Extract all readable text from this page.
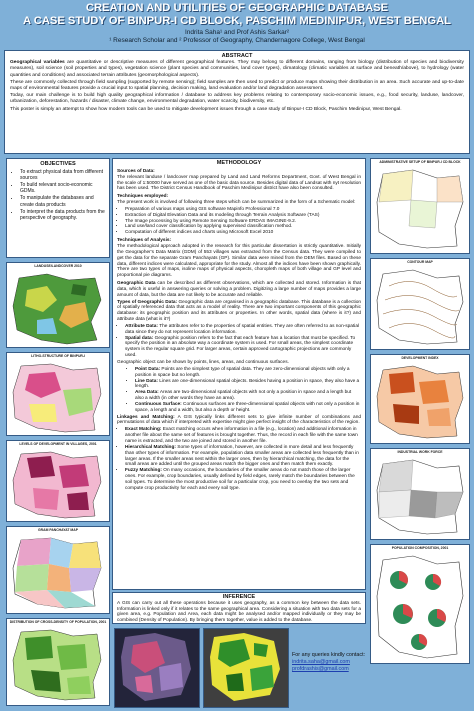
CREATION AND UTILITIES OF GEOGRAPHIC DATABASE
A CASE STUDY OF BINPUR-I CD BLOCK, PASCHIM MEDINIPUR, WEST BENGAL
Indrita Saha¹ and Prof Ashis Sarkar²
¹ Research Scholar and ² Professor of Geography, Chandernagore College, West Bengal
ABSTRACT

Geographical variables are quantitative or descriptive measures of different geographical features. They may belong to different domains, ranging from biology (distribution of species and biodiversity measures), soil science (soil properties and types), vegetation science (plant species and communities, land cover types), climatology (climatic variables at surface and beneath/above), to hydrology (water quantities and conditions) and associated terrain attributes (geomorphological aspects).

These are commonly collected through field sampling (supported by remote sensing); field samples are then used to predict or produce maps showing their distribution in an area. Such accurate and up-to-date maps of environmental features provide a crucial input to spatial planning, decision making, land evaluation and/or land degradation assessment.

Today, our main challenge is to build high quality geographical information / database to address key problems relating to contemporary socio-economic issues, e.g., food security, landuse, landcover, urbanization, deforestation, hazards / disaster, climate change, environmental degradation, water scarcity, biodiversity, etc.

This poster is simply an attempt to show how modern tools can be used to mitigate development issues through a case study of Binpur-I CD Block, Paschim Medinipur, West Bengal.

OBJECTIVES
• To extract physical data from different sources
• To build relevant socio-economic GDMs.
• To manipulate the databases and create data products
• To interpret the data products from the perspective of geography.
LANDUSE/LANDCOVER 2010
LITHO-STRUCTURE OF BINPUR-I
LEVELS OF DEVELOPMENT IN VILLAGES, 2001
GRAM PANCHAYAT MAP
DISTRIBUTION OF CROSS-DENSITY OF POPULATION, 2001
METHODOLOGY
Sources of Data:

The relevant landuse / landcover map prepared by Land and Land Reforms Department, Govt. of West Bengal in the scale of 1:50000 have served as one of the basic data source. Besides digital data of Landsat with nyt resolution has been used. The District Census Handbook of Paschim Medinipur district have also been consulted.

Techniques employed:

The present work is involved of following three steps which can be summarized in the form of a Schematic model:

• Preparation of various maps using GIS software Mapinfo Professional 7.0
• Extraction of Digital Elevation Data and its modeling through Terrain Analysis Software (TAS)
• The Image processing by using Remote Sensing Software ERDAS IMAGINE-9.2.
• Land use/land cover classification by applying supervised classification method.
• Computation of different indices and charts using Microsoft Excel 2010
Techniques of Analysis:

The methodological approach adopted in the research for this particular dissertation is strictly quantitative. Initially the Geographer's Data Matrix (GDM) of 553 villages was extracted from the Census data. They were compiled to get the data for the separate Gram Panchayats (GP). Similar data were mined from the DEM files. Based on these data, different indices were calculated, appropriate for the study. Almost all the indices have been shown graphically. There are two types of maps, isoline maps of physical aspects, choropleth maps of both village and GP level and proportional pie diagrams.

Geographic Data can be described as different observations, which are collected and stored. Information is that data, which is useful in answering queries or solving a problem. Digitizing a large number of maps provides a large amount of data, but the data are not likely to be accurate and reliable.

Types of Geographic Data: Geographic data are organised in a geographic database. This database is a collection of spatially referenced data that acts as a model of reality. There are two important components of this geographic database: its geographic position and its attributes or properties. In other words, spatial data (where is it?) and attribute data (what is it?)

• Attribute Data: The attributes refer to the properties of spatial entities. They are often referred to as non-spatial data since they do not represent location information.
• Spatial data: Geographic position refers to the fact that each feature has a location that must be specified. To specify the position in an absolute way a coordinate system is used. For small areas, the simplest coordinate system is the regular square grid. For larger areas, certain approved cartographic projections are commonly used.

Geographic object can be shown by points, lines, areas, and continuous surfaces.

• Point Data: Points are the simplest type of spatial data. They are zero-dimensional objects with only a position in space but no length.
• Line Data: Lines are one-dimensional spatial objects. Besides having a position in space, they also have a length.
• Area Data: Areas are two-dimensional spatial objects with not only a position in space and a length but also a width (in other words they have an area).
• Continuous Surface: Continuous surfaces are three-dimensional spatial objects with not only a position in space, a length and a width, but also a depth or height.

Linkages and Matching: A GIS typically links different sets to give infinite number of combinations and permutations of data which if interpreted with expertise might give perfect insight of the characteristics of the region.

• Exact Matching: Exact matching occurs when information in a file (e.g., location) and additional information in another file about the same set of features is brought together. Thus, the record in each file with the same town name is extracted, and the two are joined and stored in another file.
• Hierarchical Matching: Some types of information, however, are collected in more detail and less frequently than other types of information. For example, population data smaller areas are collected less frequently than in larger areas. If the smaller areas nest within the larger ones, then by hierarchical matching, the data for the small areas are added until the grouped areas match the bigger ones and then match them exactly.
• Fuzzy Matching: On many occasions, the boundaries of the smaller areas do not match those of the larger ones. For example, crop boundaries, usually defined by field edges, rarely match the boundaries between the soil types. To determine the most productive soil for a particular crop, you need to overlay the two sets and compute crop productivity for each and every soil type.
INFERENCE

A GIS can carry out all these operations because it uses geography, as a common key between the data sets. Information is linked only if it relates to the same geographical area. Considering a situation with two data sets for a given area, e.g. Population and Area, each data might be analysed and/or mapped individually or they may be combined (Density of Population). By bringing them together, value is added to the database.

For any queries kindly contact:
indrita.saha@gmail.com
profdrashis@gmail.com
ADMINISTRATIVE SETUP OF BINPUR-I CD BLOCK
CONTOUR MAP
DEVELOPMENT INDEX
INDUSTRIAL WORK FORCE
POPULATION COMPOSITION, 2001
